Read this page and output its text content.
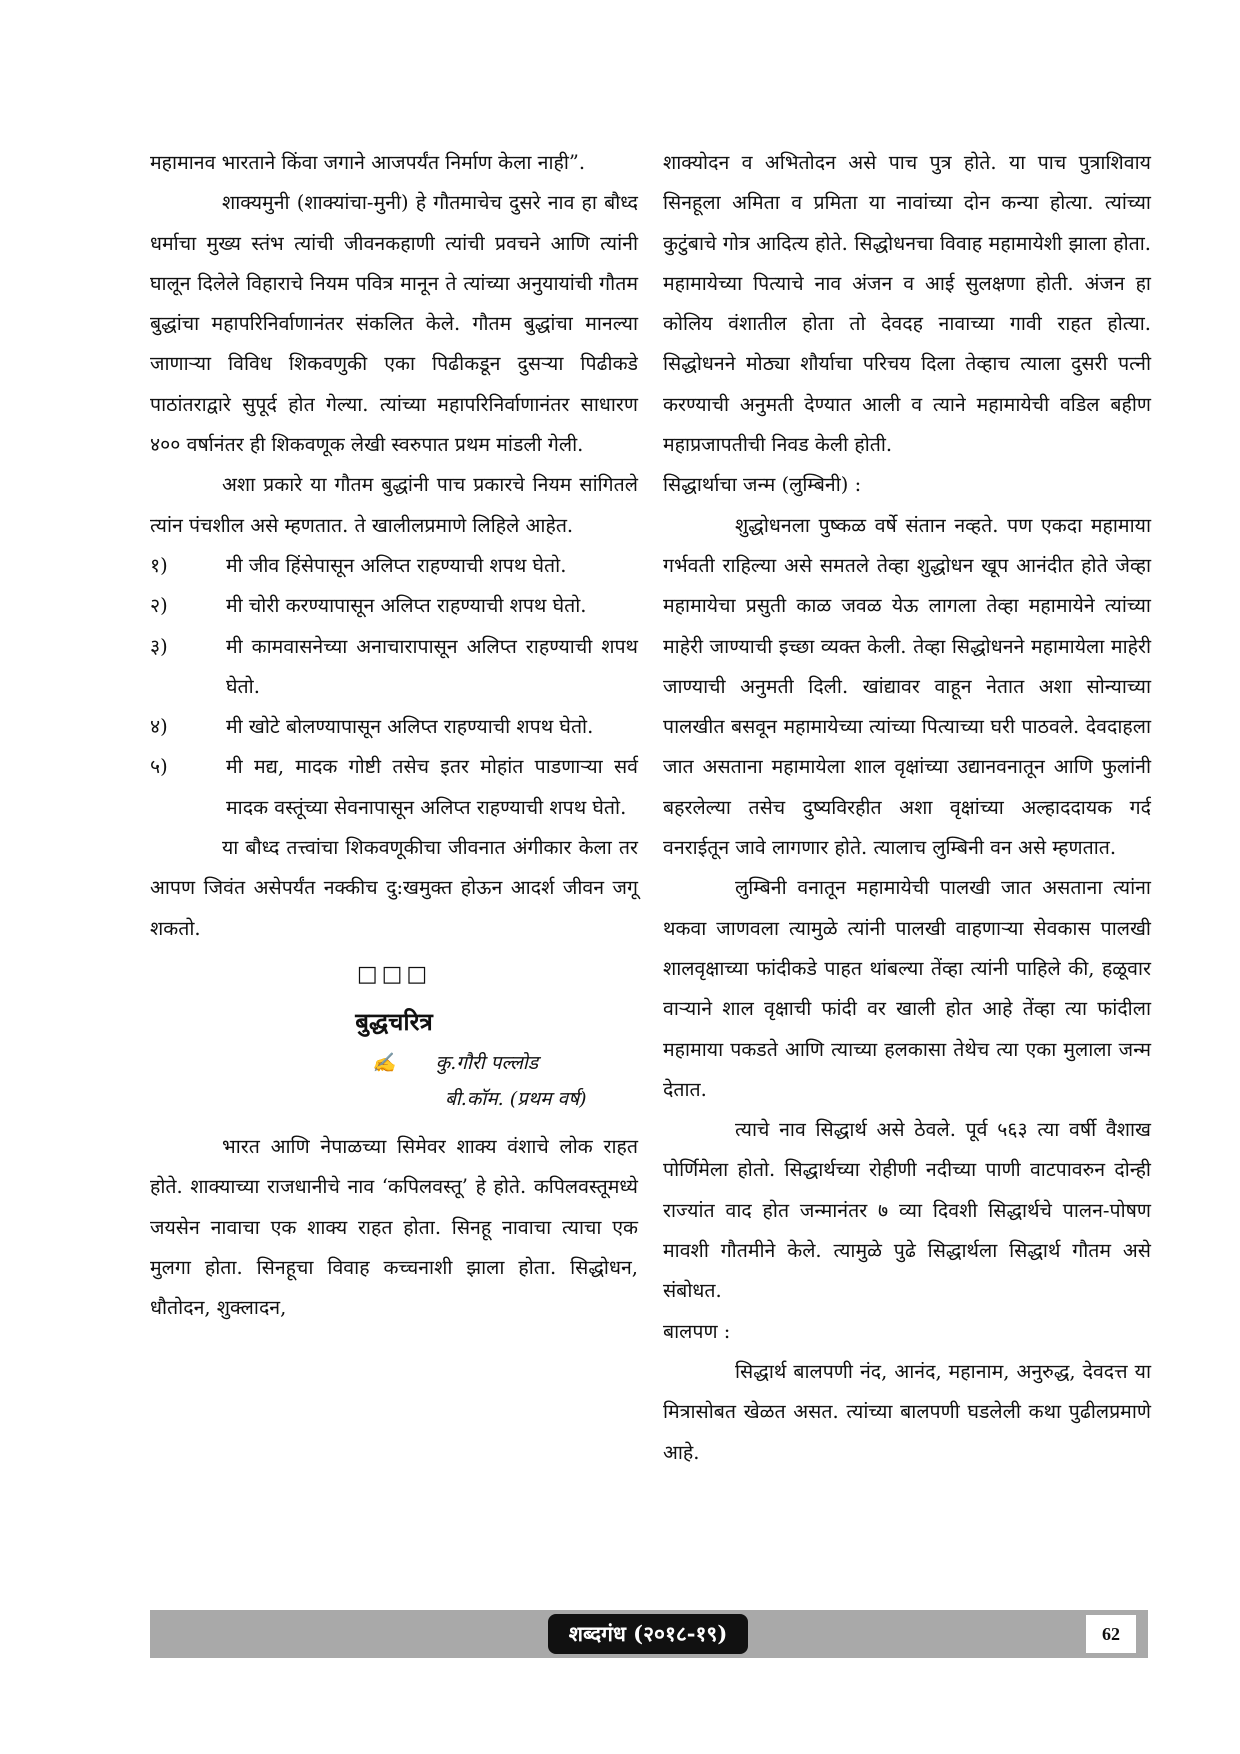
महामानव भारताने किंवा जगाने आजपर्यंत निर्माण केला नाही”.

शाक्यमुनी (शाक्यांचा-मुनी) हे गौतमाचेच दुसरे नाव हा बौध्द धर्माचा मुख्य स्तंभ त्यांची जीवनकहाणी त्यांची प्रवचने आणि त्यांनी घालून दिलेले विहाराचे नियम पवित्र मानून ते त्यांच्या अनुयायांची गौतम बुद्धांचा महापरिनिर्वाणानंतर संकलित केले. गौतम बुद्धांचा मानल्या जाणाऱ्या विविध शिकवणुकी एका पिढीकडून दुसऱ्या पिढीकडे पाठांतराद्वारे सुपूर्द होत गेल्या. त्यांच्या महापरिनिर्वाणानंतर साधारण ४०० वर्षानंतर ही शिकवणूक लेखी स्वरुपात प्रथम मांडली गेली.

अशा प्रकारे या गौतम बुद्धांनी पाच प्रकारचे नियम सांगितले त्यांन पंचशील असे म्हणतात. ते खालीलप्रमाणे लिहिले आहेत.

१)	मी जीव हिंसेपासून अलिप्त राहण्याची शपथ घेतो.
२)	मी चोरी करण्यापासून अलिप्त राहण्याची शपथ घेतो.
३)	मी कामवासनेच्या अनाचारापासून अलिप्त राहण्याची शपथ घेतो.
४)	मी खोटे बोलण्यापासून अलिप्त राहण्याची शपथ घेतो.
५)	मी मद्य, मादक गोष्टी तसेच इतर मोहांत पाडणाऱ्या सर्व मादक वस्तूंच्या सेवनापासून अलिप्त राहण्याची शपथ घेतो.

या बौध्द तत्त्वांचा शिकवणूकीचा जीवनात अंगीकार केला तर आपण जिवंत असेपर्यंत नक्कीच दु:खमुक्त होऊन आदर्श जीवन जगू शकतो.

□□□
बुद्धचरित्र
✍ कु.गौरी पल्लोड
बी.कॉम. (प्रथम वर्ष)

भारत आणि नेपाळच्या सिमेवर शाक्य वंशाचे लोक राहत होते. शाक्याच्या राजधानीचे नाव ‘कपिलवस्तू’ हे होते. कपिलवस्तूमध्ये जयसेन नावाचा एक शाक्य राहत होता. सिनहू नावाचा त्याचा एक मुलगा होता. सिनहूचा विवाह कच्चनाशी झाला होता. सिद्धोधन, धौतोदन, शुक्लादन,

शाक्योदन व अभितोदन असे पाच पुत्र होते. या पाच पुत्राशिवाय सिनहूला अमिता व प्रमिता या नावांच्या दोन कन्या होत्या. त्यांच्या कुटुंबाचे गोत्र आदित्य होते. सिद्धोधनचा विवाह महामायेशी झाला होता. महामायेच्या पित्याचे नाव अंजन व आई सुलक्षणा होती. अंजन हा कोलिय वंशातील होता तो देवदह नावाच्या गावी राहत होत्या. सिद्धोधनने मोठ्या शौर्याचा परिचय दिला तेव्हाच त्याला दुसरी पत्नी करण्याची अनुमती देण्यात आली व त्याने महामायेची वडिल बहीण महाप्रजापतीची निवड केली होती.

सिद्धार्थाचा जन्म (लुम्बिनी) :

शुद्धोधनला पुष्कळ वर्षे संतान नव्हते. पण एकदा महामाया गर्भवती राहिल्या असे समतले तेव्हा शुद्धोधन खूप आनंदीत होते जेव्हा महामायेचा प्रसुती काळ जवळ येऊ लागला तेव्हा महामायेने त्यांच्या माहेरी जाण्याची इच्छा व्यक्त केली. तेव्हा सिद्धोधनने महामायेला माहेरी जाण्याची अनुमती दिली. खांद्यावर वाहून नेतात अशा सोन्याच्या पालखीत बसवून महामायेच्या त्यांच्या पित्याच्या घरी पाठवले. देवदाहला जात असताना महामायेला शाल वृक्षांच्या उद्यानवनातून आणि फुलांनी बहरलेल्या तसेच दुष्यविरहीत अशा वृक्षांच्या अल्हाददायक गर्द वनराईतून जावे लागणार होते. त्यालाच लुम्बिनी वन असे म्हणतात.

लुम्बिनी वनातून महामायेची पालखी जात असताना त्यांना थकवा जाणवला त्यामुळे त्यांनी पालखी वाहणाऱ्या सेवकास पालखी शालवृक्षाच्या फांदीकडे पाहत थांबल्या तेंव्हा त्यांनी पाहिले की, हळूवार वाऱ्याने शाल वृक्षाची फांदी वर खाली होत आहे तेंव्हा त्या फांदीला महामाया पकडते आणि त्याच्या हलकासा तेथेच त्या एका मुलाला जन्म देतात.

त्याचे नाव सिद्धार्थ असे ठेवले. पूर्व ५६३ त्या वर्षी वैशाख पोर्णिमेला होतो. सिद्धार्थच्या रोहीणी नदीच्या पाणी वाटपावरुन दोन्ही राज्यांत वाद होत जन्मानंतर ७ व्या दिवशी सिद्धार्थचे पालन-पोषण मावशी गौतमीने केले. त्यामुळे पुढे सिद्धार्थला सिद्धार्थ गौतम असे संबोधत.

बालपण :

सिद्धार्थ बालपणी नंद, आनंद, महानाम, अनुरुद्ध, देवदत्त या मित्रासोबत खेळत असत. त्यांच्या बालपणी घडलेली कथा पुढीलप्रमाणे आहे.

शब्दगंध (२०१८-१९)	62
